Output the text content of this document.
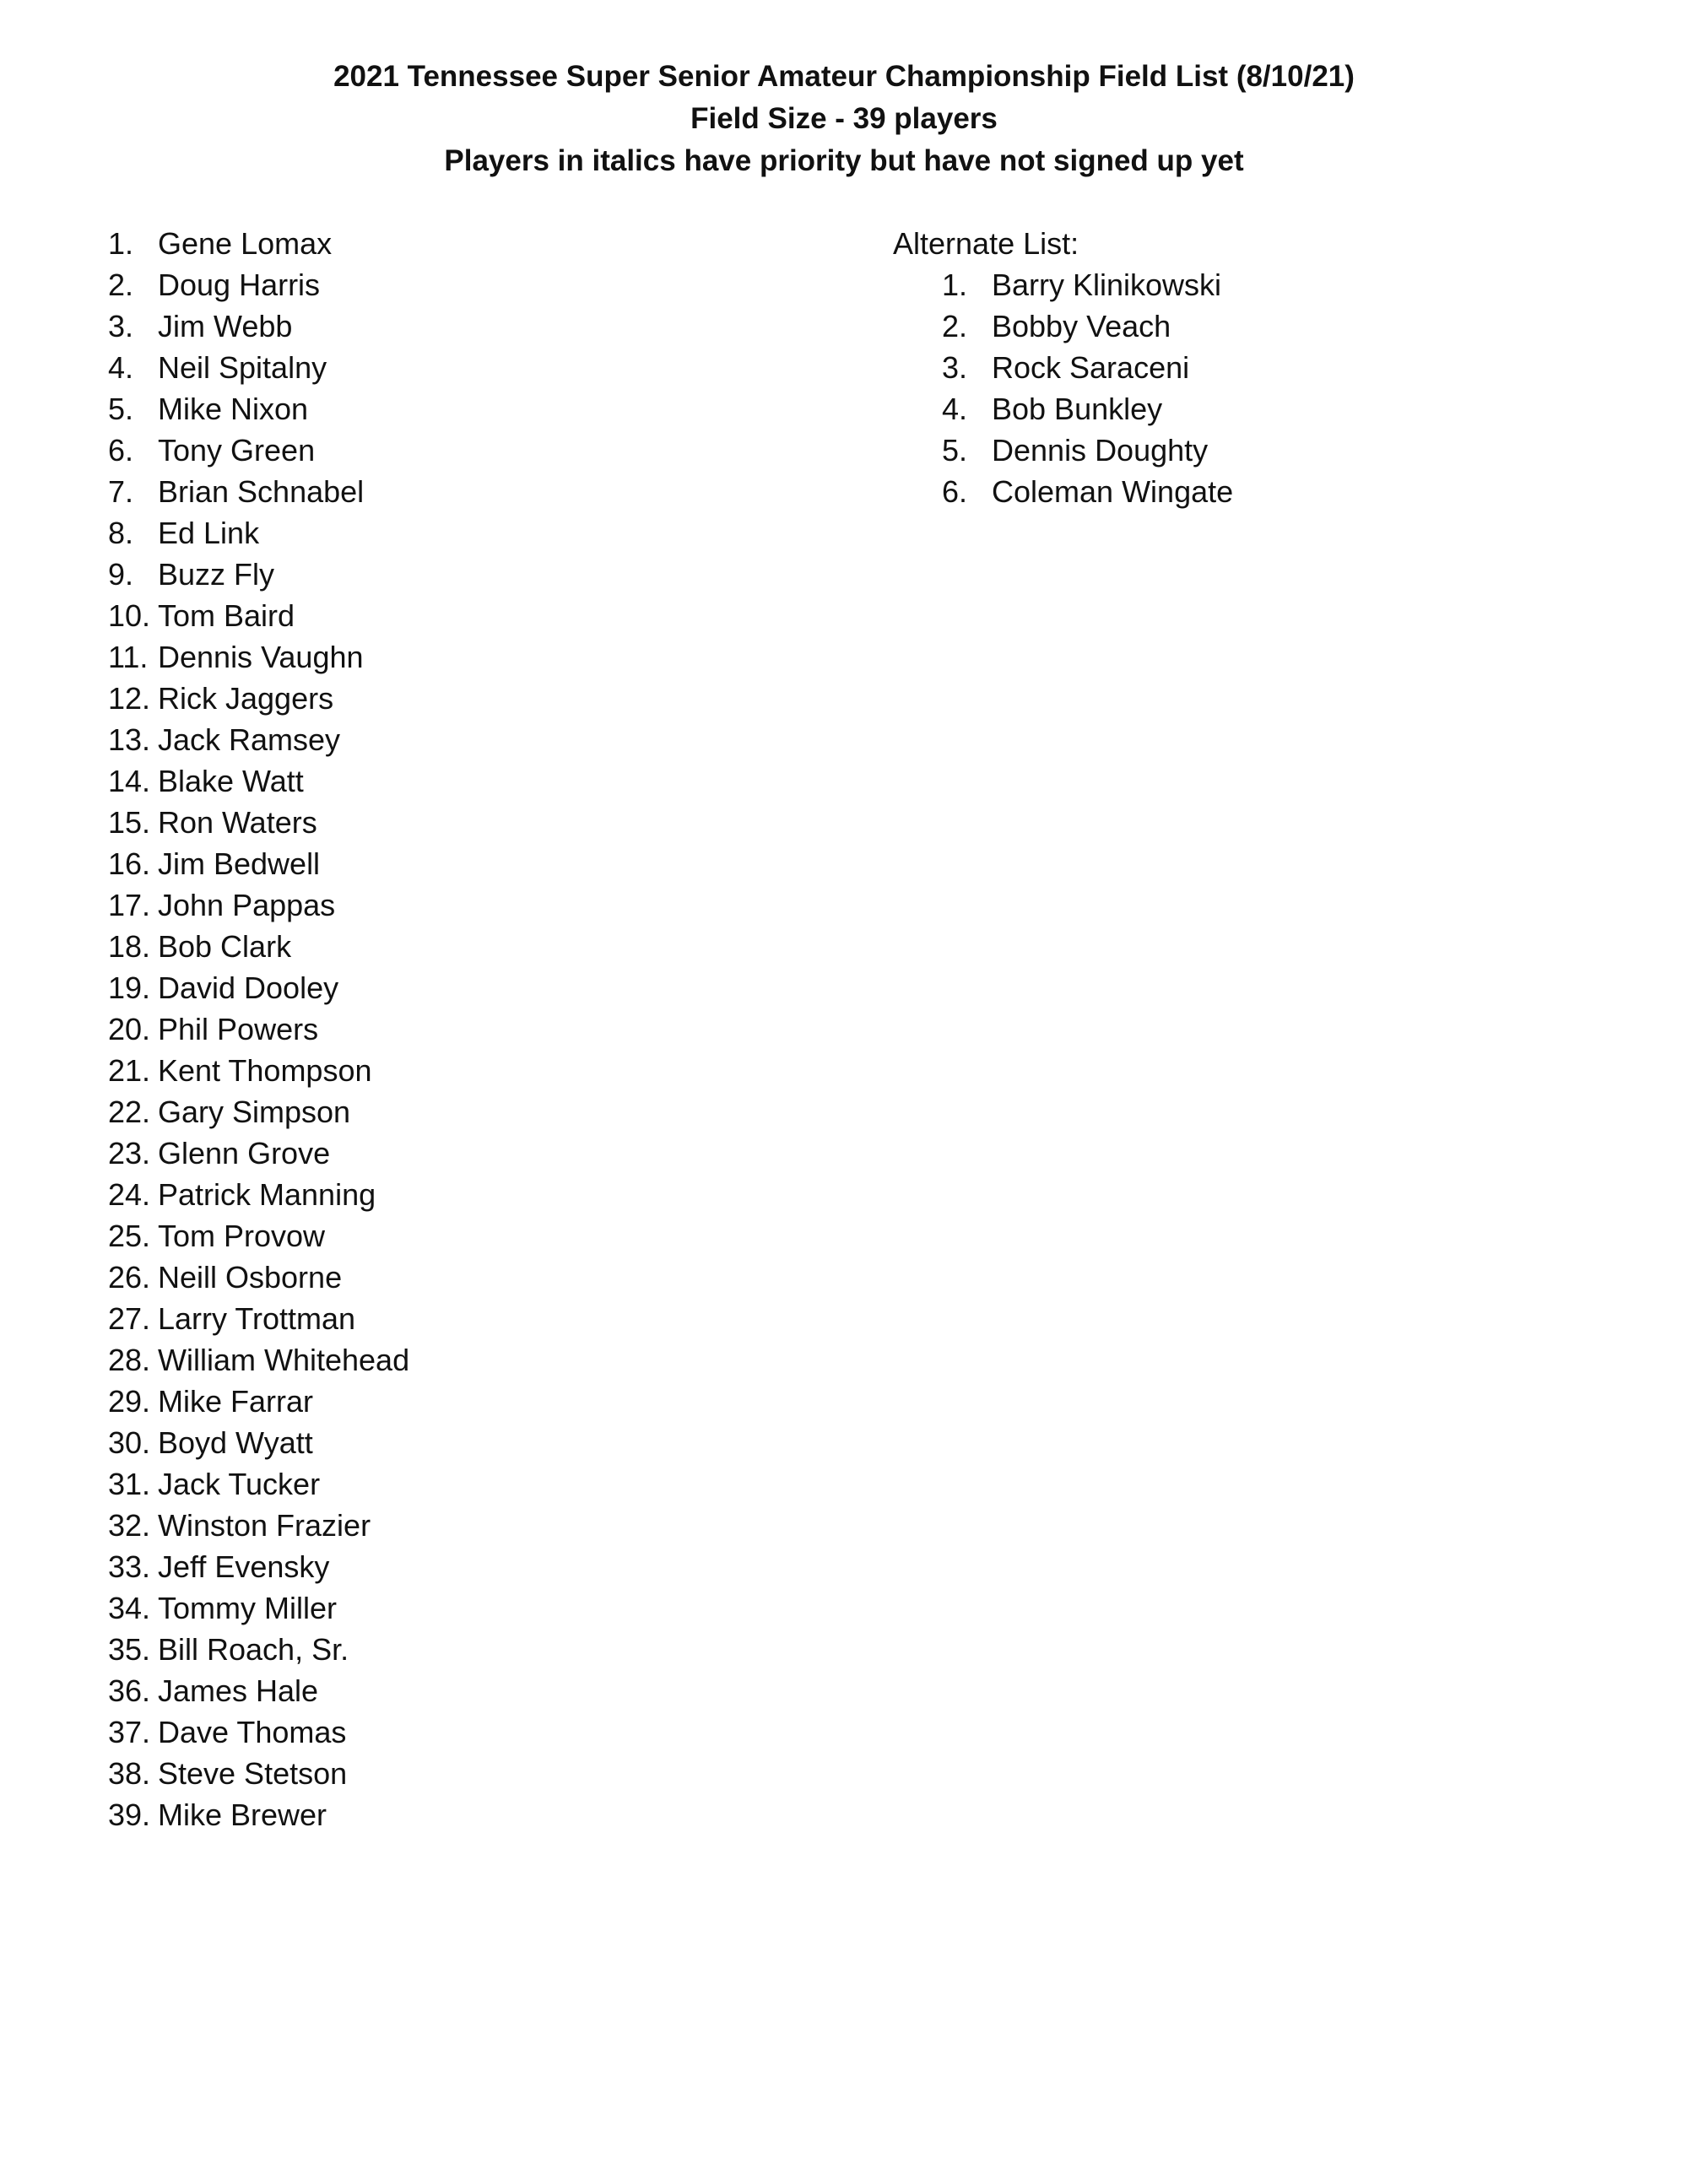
2021 Tennessee Super Senior Amateur Championship Field List (8/10/21)
Field Size - 39 players
Players in italics have priority but have not signed up yet
1. Gene Lomax
2. Doug Harris
3. Jim Webb
4. Neil Spitalny
5. Mike Nixon
6. Tony Green
7. Brian Schnabel
8. Ed Link
9. Buzz Fly
10. Tom Baird
11. Dennis Vaughn
12. Rick Jaggers
13. Jack Ramsey
14. Blake Watt
15. Ron Waters
16. Jim Bedwell
17. John Pappas
18. Bob Clark
19. David Dooley
20. Phil Powers
21. Kent Thompson
22. Gary Simpson
23. Glenn Grove
24. Patrick Manning
25. Tom Provow
26. Neill Osborne
27. Larry Trottman
28. William Whitehead
29. Mike Farrar
30. Boyd Wyatt
31. Jack Tucker
32. Winston Frazier
33. Jeff Evensky
34. Tommy Miller
35. Bill Roach, Sr.
36. James Hale
37. Dave Thomas
38. Steve Stetson
39. Mike Brewer
Alternate List:
1. Barry Klinikowski
2. Bobby Veach
3. Rock Saraceni
4. Bob Bunkley
5. Dennis Doughty
6. Coleman Wingate
